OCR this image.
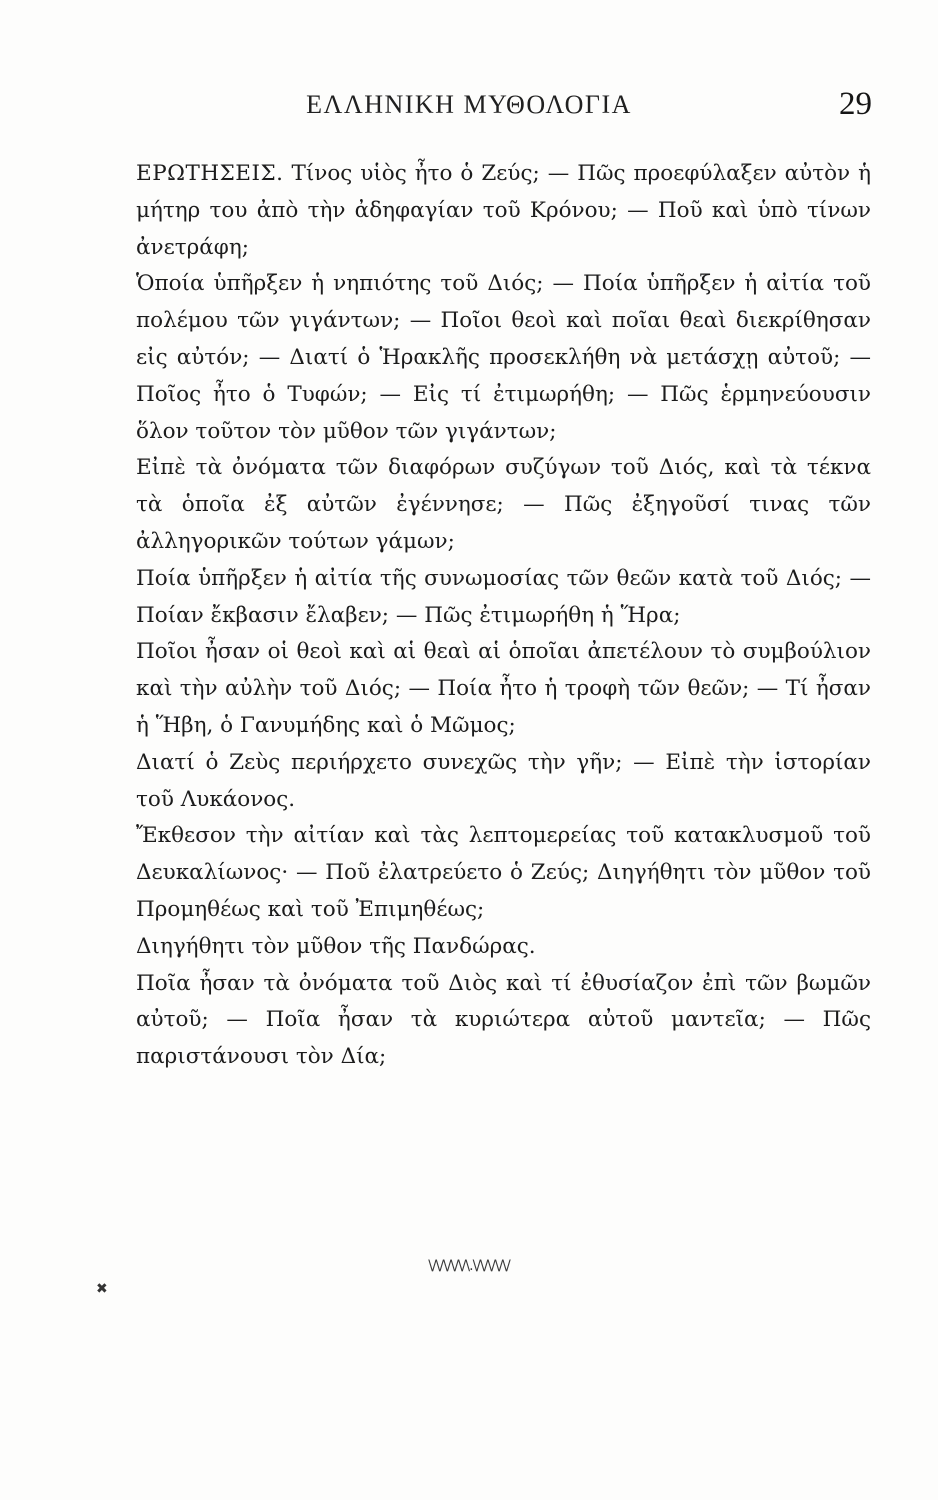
ΕΛΛΗΝΙΚΗ ΜΥΘΟΛΟΓΙΑ	29

ΕΡΩΤΗΣΕΙΣ. Τίνος υἱὸς ἦτο ὁ Ζεύς; — Πῶς προεφύλαξεν αὐτὸν ἡ μήτηρ του ἀπὸ τὴν ἀδηφαγίαν τοῦ Κρόνου; — Ποῦ καὶ ὑπὸ τίνων ἀνετράφη;

Ὁποία ὑπῆρξεν ἡ νηπιότης τοῦ Διός; — Ποία ὑπῆρξεν ἡ αἰτία τοῦ πολέμου τῶν γιγάντων; — Ποῖοι θεοὶ καὶ ποῖαι θεαὶ διεκρίθησαν εἰς αὐτόν; — Διατί ὁ Ἡρακλῆς προσεκλήθη νὰ μετάσχῃ αὐτοῦ; — Ποῖος ἦτο ὁ Τυφών; — Εἰς τί ἐτιμωρήθη; — Πῶς ἑρμηνεύουσιν ὅλον τοῦτον τὸν μῦθον τῶν γιγάντων;

Εἰπὲ τὰ ὀνόματα τῶν διαφόρων συζύγων τοῦ Διός, καὶ τὰ τέκνα τὰ ὁποῖα ἐξ αὐτῶν ἐγέννησε; — Πῶς ἐξηγοῦσί τινας τῶν ἀλληγορικῶν τούτων γάμων;

Ποία ὑπῆρξεν ἡ αἰτία τῆς συνωμοσίας τῶν θεῶν κατὰ τοῦ Διός; — Ποίαν ἔκβασιν ἔλαβεν; — Πῶς ἐτιμωρήθη ἡ Ἥρα;

Ποῖοι ἦσαν οἱ θεοὶ καὶ αἱ θεαὶ αἱ ὁποῖαι ἀπετέλουν τὸ συμβούλιον καὶ τὴν αὐλὴν τοῦ Διός; — Ποία ἦτο ἡ τροφὴ τῶν θεῶν; — Τί ἦσαν ἡ Ἥβη, ὁ Γανυμήδης καὶ ὁ Μῶμος;

Διατί ὁ Ζεὺς περιήρχετο συνεχῶς τὴν γῆν; — Εἰπὲ τὴν ἱστορίαν τοῦ Λυκάονος.

Ἔκθεσον τὴν αἰτίαν καὶ τὰς λεπτομερείας τοῦ κατακλυσμοῦ τοῦ Δευκαλίωνος· — Ποῦ ἐλατρεύετο ὁ Ζεύς; Διηγήθητι τὸν μῦθον τοῦ Προμηθέως καὶ τοῦ Ἐπιμηθέως;

Διηγήθητι τὸν μῦθον τῆς Πανδώρας.

Ποῖα ἦσαν τὰ ὀνόματα τοῦ Διὸς καὶ τί ἐθυσίαζον ἐπὶ τῶν βωμῶν αὐτοῦ; — Ποῖα ἦσαν τὰ κυριώτερα αὐτοῦ μαντεῖα; — Πῶς παριστάνουσι τὸν Δία;

\/\/\/\/\/\.\/\/\/\/\/
✖
